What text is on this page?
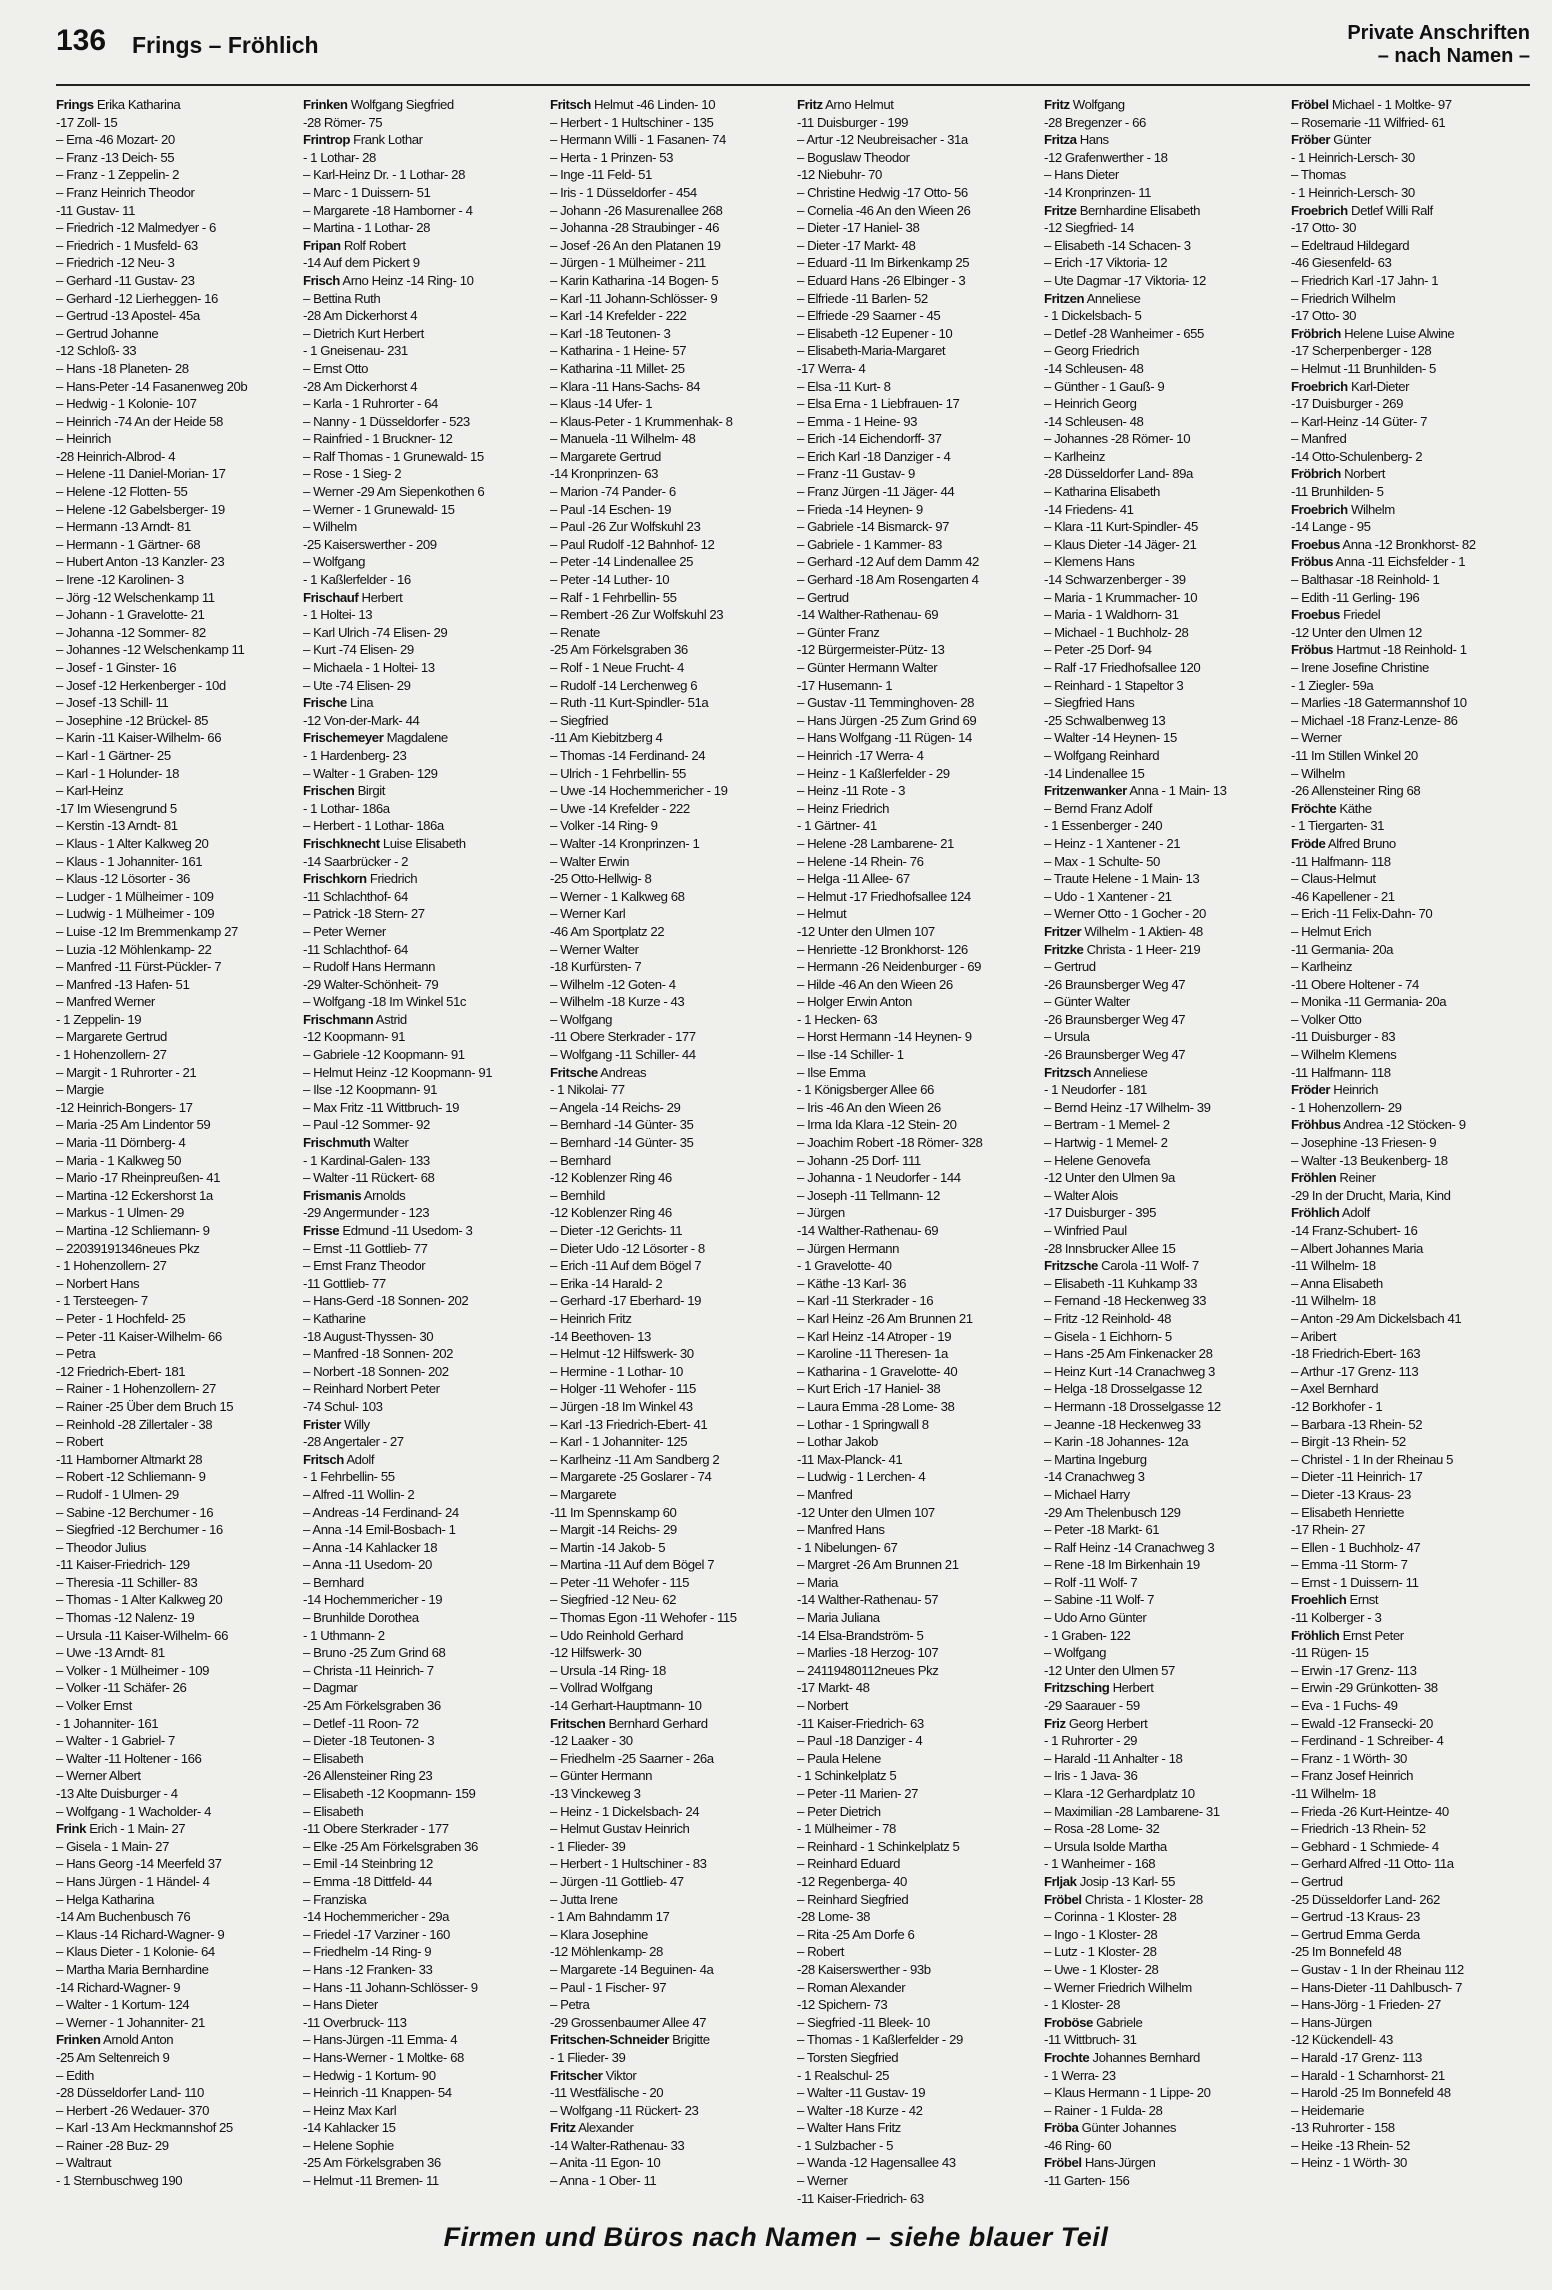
136 Frings – Fröhlich	Private Anschriften
– nach Namen –
Frings Erika Katharina
-17 Zoll- 15
– Erna -46 Mozart- 20
– Franz -13 Deich- 55
– Franz - 1 Zeppelin- 2
– Franz Heinrich Theodor
-11 Gustav- 11
– Friedrich -12 Malmedyer - 6
– Friedrich - 1 Musfeld- 63
– Friedrich -12 Neu- 3
– Gerhard -11 Gustav- 23
– Gerhard -12 Lierheggen- 16
– Gertrud -13 Apostel- 45a
– Gertrud Johanne
-12 Schloß- 33
– Hans -18 Planeten- 28
– Hans-Peter -14 Fasanenweg 20b
– Hedwig - 1 Kolonie- 107
– Heinrich -74 An der Heide 58
– Heinrich
-28 Heinrich-Albrod- 4
– Helene -11 Daniel-Morian- 17
– Helene -12 Flotten- 55
– Helene -12 Gabelsberger- 19
– Hermann -13 Arndt- 81
– Hermann - 1 Gärtner- 68
– Hubert Anton -13 Kanzler- 23
– Irene -12 Karolinen- 3
– Jörg -12 Welschenkamp 11
– Johann - 1 Gravelotte- 21
– Johanna -12 Sommer- 82
– Johannes -12 Welschenkamp 11
– Josef - 1 Ginster- 16
– Josef -12 Herkenberger - 10d
– Josef -13 Schill- 11
– Josephine -12 Brückel- 85
– Karin -11 Kaiser-Wilhelm- 66
– Karl - 1 Gärtner- 25
– Karl - 1 Holunder- 18
– Karl-Heinz
-17 Im Wiesengrund 5
– Kerstin -13 Arndt- 81
– Klaus - 1 Alter Kalkweg 20
– Klaus - 1 Johanniter- 161
– Klaus -12 Lösorter - 36
– Ludger - 1 Mülheimer - 109
– Ludwig - 1 Mülheimer - 109
– Luise -12 Im Bremmenkamp 27
– Luzia -12 Möhlenkamp- 22
– Manfred -11 Fürst-Pückler- 7
– Manfred -13 Hafen- 51
– Manfred Werner
- 1 Zeppelin- 19
– Margarete Gertrud
- 1 Hohenzollern- 27
– Margit - 1 Ruhrorter - 21
– Margie
-12 Heinrich-Bongers- 17
– Maria -25 Am Lindentor 59
– Maria -11 Dörnberg- 4
– Maria - 1 Kalkweg 50
– Mario -17 Rheinpreußen- 41
– Martina -12 Eckershorst 1a
– Markus - 1 Ulmen- 29
– Martina -12 Schliemann- 9
– 22039191346neues Pkz
- 1 Hohenzollern- 27
– Norbert Hans
- 1 Tersteegen- 7
– Peter - 1 Hochfeld- 25
– Peter -11 Kaiser-Wilhelm- 66
– Petra
-12 Friedrich-Ebert- 181
– Rainer - 1 Hohenzollern- 27
– Rainer -25 Über dem Bruch 15
– Reinhold -28 Zillertaler - 38
– Robert
-11 Hamborner Altmarkt 28
– Robert -12 Schliemann- 9
– Rudolf - 1 Ulmen- 29
– Sabine -12 Berchumer - 16
– Siegfried -12 Berchumer - 16
– Theodor Julius
-11 Kaiser-Friedrich- 129
– Theresia -11 Schiller- 83
– Thomas - 1 Alter Kalkweg 20
– Thomas -12 Nalenz- 19
– Ursula -11 Kaiser-Wilhelm- 66
– Uwe -13 Arndt- 81
– Volker - 1 Mülheimer - 109
– Volker -11 Schäfer- 26
– Volker Ernst
- 1 Johanniter- 161
– Walter - 1 Gabriel- 7
– Walter -11 Holtener - 166
– Werner Albert
-13 Alte Duisburger - 4
– Wolfgang - 1 Wacholder- 4
Frink Erich - 1 Main- 27
– Gisela - 1 Main- 27
– Hans Georg -14 Meerfeld 37
– Hans Jürgen - 1 Händel- 4
– Helga Katharina
-14 Am Buchenbusch 76
– Klaus -14 Richard-Wagner- 9
– Klaus Dieter - 1 Kolonie- 64
– Martha Maria Bernhardine
-14 Richard-Wagner- 9
– Walter - 1 Kortum- 124
– Werner - 1 Johanniter- 21
Frinken Arnold Anton
-25 Am Seltenreich 9
– Edith
-28 Düsseldorfer Land- 110
– Herbert -26 Wedauer- 370
– Karl -13 Am Heckmannshof 25
– Rainer -28 Buz- 29
– Waltraut
- 1 Sternbuschweg 190
Frinken Wolfgang Siegfried
-28 Römer- 75
Frintrop Frank Lothar
- 1 Lothar- 28
– Karl-Heinz Dr. - 1 Lothar- 28
– Marc - 1 Duissern- 51
– Margarete -18 Hamborner - 4
– Martina - 1 Lothar- 28
Fripan Rolf Robert
-14 Auf dem Pickert 9
Frisch Arno Heinz -14 Ring- 10
– Bettina Ruth
-28 Am Dickerhorst 4
– Dietrich Kurt Herbert
- 1 Gneisenau- 231
– Ernst Otto
-28 Am Dickerhorst 4
– Karla - 1 Ruhrorter - 64
– Nanny - 1 Düsseldorfer - 523
– Rainfried - 1 Bruckner- 12
– Ralf Thomas - 1 Grunewald- 15
– Rose - 1 Sieg- 2
– Werner -29 Am Siepenkothen 6
– Werner - 1 Grunewald- 15
– Wilhelm
-25 Kaiserswerther - 209
– Wolfgang
- 1 Kaßlerfelder - 16
Frischauf Herbert
- 1 Holtei- 13
– Karl Ulrich -74 Elisen- 29
– Kurt -74 Elisen- 29
– Michaela - 1 Holtei- 13
– Ute -74 Elisen- 29
Frische Lina
-12 Von-der-Mark- 44
Frischemeyer Magdalene
- 1 Hardenberg- 23
– Walter - 1 Graben- 129
Frischen Birgit
- 1 Lothar- 186a
– Herbert - 1 Lothar- 186a
Frischknecht Luise Elisabeth
-14 Saarbrücker - 2
Frischkorn Friedrich
-11 Schlachthof- 64
– Patrick -18 Stern- 27
– Peter Werner
-11 Schlachthof- 64
– Rudolf Hans Hermann
-29 Walter-Schönheit- 79
– Wolfgang -18 Im Winkel 51c
Frischmann Astrid
-12 Koopmann- 91
– Gabriele -12 Koopmann- 91
– Helmut Heinz -12 Koopmann- 91
– Ilse -12 Koopmann- 91
– Max Fritz -11 Wittbruch- 19
– Paul -12 Sommer- 92
Frischmuth Walter
- 1 Kardinal-Galen- 133
– Walter -11 Rückert- 68
Frismanis Arnolds
-29 Angermunder - 123
Frisse Edmund -11 Usedom- 3
– Ernst -11 Gottlieb- 77
– Ernst Franz Theodor
-11 Gottlieb- 77
– Hans-Gerd -18 Sonnen- 202
– Katharine
-18 August-Thyssen- 30
– Manfred -18 Sonnen- 202
– Norbert -18 Sonnen- 202
– Reinhard Norbert Peter
-74 Schul- 103
Frister Willy
-28 Angertaler - 27
Fritsch Adolf
- 1 Fehrbellin- 55
– Alfred -11 Wollin- 2
– Andreas -14 Ferdinand- 24
– Anna -14 Emil-Bosbach- 1
– Anna -14 Kahlacker 18
– Anna -11 Usedom- 20
– Bernhard
-14 Hochemmericher - 19
– Brunhilde Dorothea
- 1 Uthmann- 2
– Bruno -25 Zum Grind 68
– Christa -11 Heinrich- 7
– Dagmar
-25 Am Förkelsgraben 36
– Detlef -11 Roon- 72
– Dieter -18 Teutonen- 3
– Elisabeth
-26 Allensteiner Ring 23
– Elisabeth -12 Koopmann- 159
– Elisabeth
-11 Obere Sterkrader - 177
– Elke -25 Am Förkelsgraben 36
– Emil -14 Steinbring 12
– Emma -18 Dittfeld- 44
– Franziska
-14 Hochemmericher - 29a
– Friedel -17 Varziner - 160
– Friedhelm -14 Ring- 9
– Hans -12 Franken- 33
– Hans -11 Johann-Schlösser- 9
– Hans Dieter
-11 Overbruck- 113
– Hans-Jürgen -11 Emma- 4
– Hans-Werner - 1 Moltke- 68
– Hedwig - 1 Kortum- 90
– Heinrich -11 Knappen- 54
– Heinz Max Karl
-14 Kahlacker 15
– Helene Sophie
-25 Am Förkelsgraben 36
– Helmut -11 Bremen- 11
Fritsch Helmut -46 Linden- 10
– Herbert - 1 Hultschiner - 135
– Hermann Willi - 1 Fasanen- 74
– Herta - 1 Prinzen- 53
– Inge -11 Feld- 51
– Iris - 1 Düsseldorfer - 454
– Johann -26 Masurenallee 268
– Johanna -28 Straubinger - 46
– Josef -26 An den Platanen 19
– Jürgen - 1 Mülheimer - 211
– Karin Katharina -14 Bogen- 5
– Karl -11 Johann-Schlösser- 9
– Karl -14 Krefelder - 222
– Karl -18 Teutonen- 3
– Katharina - 1 Heine- 57
– Katharina -11 Millet- 25
– Klara -11 Hans-Sachs- 84
– Klaus -14 Ufer- 1
– Klaus-Peter - 1 Krummenhak- 8
– Manuela -11 Wilhelm- 48
– Margarete Gertrud
-14 Kronprinzen- 63
– Marion -74 Pander- 6
– Paul -14 Eschen- 19
– Paul -26 Zur Wolfskuhl 23
– Paul Rudolf -12 Bahnhof- 12
– Peter -14 Lindenallee 25
– Peter -14 Luther- 10
– Ralf - 1 Fehrbellin- 55
– Rembert -26 Zur Wolfskuhl 23
– Renate
-25 Am Förkelsgraben 36
– Rolf - 1 Neue Frucht- 4
– Rudolf -14 Lerchenweg 6
– Ruth -11 Kurt-Spindler- 51a
– Siegfried
-11 Am Kiebitzberg 4
– Thomas -14 Ferdinand- 24
– Ulrich - 1 Fehrbellin- 55
– Uwe -14 Hochemmericher - 19
– Uwe -14 Krefelder - 222
– Volker -14 Ring- 9
– Walter -14 Kronprinzen- 1
– Walter Erwin
-25 Otto-Hellwig- 8
– Werner - 1 Kalkweg 68
– Werner Karl
-46 Am Sportplatz 22
– Werner Walter
-18 Kurfürsten- 7
– Wilhelm -12 Goten- 4
– Wilhelm -18 Kurze - 43
– Wolfgang
-11 Obere Sterkrader - 177
– Wolfgang -11 Schiller- 44
Fritsche Andreas
- 1 Nikolai- 77
– Angela -14 Reichs- 29
– Bernhard -14 Günter- 35
– Bernhard -14 Günter- 35
– Bernhard
-12 Koblenzer Ring 46
– Bernhild
-12 Koblenzer Ring 46
– Dieter -12 Gerichts- 11
– Dieter Udo -12 Lösorter - 8
– Erich -11 Auf dem Bögel 7
– Erika -14 Harald- 2
– Gerhard -17 Eberhard- 19
– Heinrich Fritz
-14 Beethoven- 13
– Helmut -12 Hilfswerk- 30
– Hermine - 1 Lothar- 10
– Holger -11 Wehofer - 115
– Jürgen -18 Im Winkel 43
– Karl -13 Friedrich-Ebert- 41
– Karl - 1 Johanniter- 125
– Karlheinz -11 Am Sandberg 2
– Margarete -25 Goslarer - 74
– Margarete
-11 Im Spennskamp 60
– Margit -14 Reichs- 29
– Martin -14 Jakob- 5
– Martina -11 Auf dem Bögel 7
– Peter -11 Wehofer - 115
– Siegfried -12 Neu- 62
– Thomas Egon -11 Wehofer - 115
– Udo Reinhold Gerhard
-12 Hilfswerk- 30
– Ursula -14 Ring- 18
– Vollrad Wolfgang
-14 Gerhart-Hauptmann- 10
Fritschen Bernhard Gerhard
-12 Laaker - 30
– Friedhelm -25 Saarner - 26a
– Günter Hermann
-13 Vinckeweg 3
– Heinz - 1 Dickelsbach- 24
– Helmut Gustav Heinrich
- 1 Flieder- 39
– Herbert - 1 Hultschiner - 83
– Jürgen -11 Gottlieb- 47
– Jutta Irene
- 1 Am Bahndamm 17
– Klara Josephine
-12 Möhlenkamp- 28
– Margarete -14 Beguinen- 4a
– Paul - 1 Fischer- 97
– Petra
-29 Grossenbaumer Allee 47
Fritschen-Schneider Brigitte
- 1 Flieder- 39
Fritscher Viktor
-11 Westfälische - 20
– Wolfgang -11 Rückert- 23
Fritz Alexander
-14 Walter-Rathenau- 33
– Anita -11 Egon- 10
– Anna - 1 Ober- 11
Fritz Arno Helmut
-11 Duisburger - 199
– Artur -12 Neubreisacher - 31a
– Boguslaw Theodor
-12 Niebuhr- 70
– Christine Hedwig -17 Otto- 56
– Cornelia -46 An den Wieen 26
– Dieter -17 Haniel- 38
– Dieter -17 Markt- 48
– Eduard -11 Im Birkenkamp 25
– Eduard Hans -26 Elbinger - 3
– Elfriede -11 Barlen- 52
– Elfriede -29 Saarner - 45
– Elisabeth -12 Eupener - 10
– Elisabeth-Maria-Margaret
-17 Werra- 4
– Elsa -11 Kurt- 8
– Elsa Erna - 1 Liebfrauen- 17
– Emma - 1 Heine- 93
– Erich -14 Eichendorff- 37
– Erich Karl -18 Danziger - 4
– Franz -11 Gustav- 9
– Franz Jürgen -11 Jäger- 44
– Frieda -14 Heynen- 9
– Gabriele -14 Bismarck- 97
– Gabriele - 1 Kammer- 83
– Gerhard -12 Auf dem Damm 42
– Gerhard -18 Am Rosengarten 4
– Gertrud
-14 Walther-Rathenau- 69
– Günter Franz
-12 Bürgermeister-Pütz- 13
– Günter Hermann Walter
-17 Husemann- 1
– Gustav -11 Temminghoven- 28
– Hans Jürgen -25 Zum Grind 69
– Hans Wolfgang -11 Rügen- 14
– Heinrich -17 Werra- 4
– Heinz - 1 Kaßlerfelder - 29
– Heinz -11 Rote - 3
– Heinz Friedrich
- 1 Gärtner- 41
– Helene -28 Lambarene- 21
– Helene -14 Rhein- 76
– Helga -11 Allee- 67
– Helmut -17 Friedhofsallee 124
– Helmut
-12 Unter den Ulmen 107
– Henriette -12 Bronkhorst- 126
– Hermann -26 Neidenburger - 69
– Hilde -46 An den Wieen 26
– Holger Erwin Anton
- 1 Hecken- 63
– Horst Hermann -14 Heynen- 9
– Ilse -14 Schiller- 1
– Ilse Emma
- 1 Königsberger Allee 66
– Iris -46 An den Wieen 26
– Irma Ida Klara -12 Stein- 20
– Joachim Robert -18 Römer- 328
– Johann -25 Dorf- 111
– Johanna - 1 Neudorfer - 144
– Joseph -11 Tellmann- 12
– Jürgen
-14 Walther-Rathenau- 69
– Jürgen Hermann
- 1 Gravelotte- 40
– Käthe -13 Karl- 36
– Karl -11 Sterkrader - 16
– Karl Heinz -26 Am Brunnen 21
– Karl Heinz -14 Atroper - 19
– Karoline -11 Theresen- 1a
– Katharina - 1 Gravelotte- 40
– Kurt Erich -17 Haniel- 38
– Laura Emma -28 Lome- 38
– Lothar - 1 Springwall 8
– Lothar Jakob
-11 Max-Planck- 41
– Ludwig - 1 Lerchen- 4
– Manfred
-12 Unter den Ulmen 107
– Manfred Hans
- 1 Nibelungen- 67
– Margret -26 Am Brunnen 21
– Maria
-14 Walther-Rathenau- 57
– Maria Juliana
-14 Elsa-Brandström- 5
– Marlies -18 Herzog- 107
– 24119480112neues Pkz
-17 Markt- 48
– Norbert
-11 Kaiser-Friedrich- 63
– Paul -18 Danziger - 4
– Paula Helene
- 1 Schinkelplatz 5
– Peter -11 Marien- 27
– Peter Dietrich
- 1 Mülheimer - 78
– Reinhard - 1 Schinkelplatz 5
– Reinhard Eduard
-12 Regenberga- 40
– Reinhard Siegfried
-28 Lome- 38
– Rita -25 Am Dorfe 6
– Robert
-28 Kaiserswerther - 93b
– Roman Alexander
-12 Spichern- 73
– Siegfried -11 Bleek- 10
– Thomas - 1 Kaßlerfelder - 29
– Torsten Siegfried
- 1 Realschul- 25
– Walter -11 Gustav- 19
– Walter -18 Kurze - 42
– Walter Hans Fritz
- 1 Sulzbacher - 5
– Wanda -12 Hagensallee 43
– Werner
-11 Kaiser-Friedrich- 63
Fritz Wolfgang
-28 Bregenzer - 66
Fritza Hans
-12 Grafenwerther - 18
– Hans Dieter
-14 Kronprinzen- 11
Fritze Bernhardine Elisabeth
-12 Siegfried- 14
– Elisabeth -14 Schacen- 3
– Erich -17 Viktoria- 12
– Ute Dagmar -17 Viktoria- 12
Fritzen Anneliese
- 1 Dickelsbach- 5
– Detlef -28 Wanheimer - 655
– Georg Friedrich
-14 Schleusen- 48
– Günther - 1 Gauß- 9
– Heinrich Georg
-14 Schleusen- 48
– Johannes -28 Römer- 10
– Karlheinz
-28 Düsseldorfer Land- 89a
– Katharina Elisabeth
-14 Friedens- 41
– Klara -11 Kurt-Spindler- 45
– Klaus Dieter -14 Jäger- 21
– Klemens Hans
-14 Schwarzenberger - 39
– Maria - 1 Krummacher- 10
– Maria - 1 Waldhorn- 31
– Michael - 1 Buchholz- 28
– Peter -25 Dorf- 94
– Ralf -17 Friedhofsallee 120
– Reinhard - 1 Stapeltor 3
– Siegfried Hans
-25 Schwalbenweg 13
– Walter -14 Heynen- 15
– Wolfgang Reinhard
-14 Lindenallee 15
Fritzenwanker Anna - 1 Main- 13
– Bernd Franz Adolf
- 1 Essenberger - 240
– Heinz - 1 Xantener - 21
– Max - 1 Schulte- 50
– Traute Helene - 1 Main- 13
– Udo - 1 Xantener - 21
– Werner Otto - 1 Gocher - 20
Fritzer Wilhelm - 1 Aktien- 48
Fritzke Christa - 1 Heer- 219
– Gertrud
-26 Braunsberger Weg 47
– Günter Walter
-26 Braunsberger Weg 47
– Ursula
-26 Braunsberger Weg 47
Fritzsch Anneliese
- 1 Neudorfer - 181
– Bernd Heinz -17 Wilhelm- 39
– Bertram - 1 Memel- 2
– Hartwig - 1 Memel- 2
– Helene Genovefa
-12 Unter den Ulmen 9a
– Walter Alois
-17 Duisburger - 395
– Winfried Paul
-28 Innsbrucker Allee 15
Fritzsche Carola -11 Wolf- 7
– Elisabeth -11 Kuhkamp 33
– Fernand -18 Heckenweg 33
– Fritz -12 Reinhold- 48
– Gisela - 1 Eichhorn- 5
– Hans -25 Am Finkenacker 28
– Heinz Kurt -14 Cranachweg 3
– Helga -18 Drosselgasse 12
– Hermann -18 Drosselgasse 12
– Jeanne -18 Heckenweg 33
– Karin -18 Johannes- 12a
– Martina Ingeburg
-14 Cranachweg 3
– Michael Harry
-29 Am Thelenbusch 129
– Peter -18 Markt- 61
– Ralf Heinz -14 Cranachweg 3
– Rene -18 Im Birkenhain 19
– Rolf -11 Wolf- 7
– Sabine -11 Wolf- 7
– Udo Arno Günter
- 1 Graben- 122
– Wolfgang
-12 Unter den Ulmen 57
Fritzsching Herbert
-29 Saarauer - 59
Friz Georg Herbert
- 1 Ruhrorter - 29
– Harald -11 Anhalter - 18
– Iris - 1 Java- 36
– Klara -12 Gerhardplatz 10
– Maximilian -28 Lambarene- 31
– Rosa -28 Lome- 32
– Ursula Isolde Martha
- 1 Wanheimer - 168
Frljak Josip -13 Karl- 55
Fröbel Christa - 1 Kloster- 28
– Corinna - 1 Kloster- 28
– Ingo - 1 Kloster- 28
– Lutz - 1 Kloster- 28
– Uwe - 1 Kloster- 28
– Werner Friedrich Wilhelm
- 1 Kloster- 28
Froböse Gabriele
-11 Wittbruch- 31
Frochte Johannes Bernhard
- 1 Werra- 23
– Klaus Hermann - 1 Lippe- 20
– Rainer - 1 Fulda- 28
Fröba Günter Johannes
-46 Ring- 60
Fröbel Hans-Jürgen
-11 Garten- 156
Fröbel Michael - 1 Moltke- 97
– Rosemarie -11 Wilfried- 61
Fröber Günter
- 1 Heinrich-Lersch- 30
– Thomas
- 1 Heinrich-Lersch- 30
Froebrich Detlef Willi Ralf
-17 Otto- 30
– Edeltraud Hildegard
-46 Giesenfeld- 63
– Friedrich Karl -17 Jahn- 1
– Friedrich Wilhelm
-17 Otto- 30
Fröbrich Helene Luise Alwine
-17 Scherpenberger - 128
– Helmut -11 Brunhilden- 5
Froebrich Karl-Dieter
-17 Duisburger - 269
– Karl-Heinz -14 Güter- 7
– Manfred
-14 Otto-Schulenberg- 2
Fröbrich Norbert
-11 Brunhilden- 5
Froebrich Wilhelm
-14 Lange - 95
Froebus Anna -12 Bronkhorst- 82
Fröbus Anna -11 Eichsfelder - 1
– Balthasar -18 Reinhold- 1
– Edith -11 Gerling- 196
Froebus Friedel
-12 Unter den Ulmen 12
Fröbus Hartmut -18 Reinhold- 1
– Irene Josefine Christine
- 1 Ziegler- 59a
– Marlies -18 Gatermannshof 10
– Michael -18 Franz-Lenze- 86
– Werner
-11 Im Stillen Winkel 20
– Wilhelm
-26 Allensteiner Ring 68
Fröchte Käthe
- 1 Tiergarten- 31
Fröde Alfred Bruno
-11 Halfmann- 118
– Claus-Helmut
-46 Kapellener - 21
– Erich -11 Felix-Dahn- 70
– Helmut Erich
-11 Germania- 20a
– Karlheinz
-11 Obere Holtener - 74
– Monika -11 Germania- 20a
– Volker Otto
-11 Duisburger - 83
– Wilhelm Klemens
-11 Halfmann- 118
Fröder Heinrich
- 1 Hohenzollern- 29
Fröhbus Andrea -12 Stöcken- 9
– Josephine -13 Friesen- 9
– Walter -13 Beukenberg- 18
Fröhlen Reiner
-29 In der Drucht, Maria, Kind
Fröhlich Adolf
-14 Franz-Schubert- 16
– Albert Johannes Maria
-11 Wilhelm- 18
– Anna Elisabeth
-11 Wilhelm- 18
– Anton -29 Am Dickelsbach 41
– Aribert
-18 Friedrich-Ebert- 163
– Arthur -17 Grenz- 113
– Axel Bernhard
-12 Borkhofer - 1
– Barbara -13 Rhein- 52
– Birgit -13 Rhein- 52
– Christel - 1 In der Rheinau 5
– Dieter -11 Heinrich- 17
– Dieter -13 Kraus- 23
– Elisabeth Henriette
-17 Rhein- 27
– Ellen - 1 Buchholz- 47
– Emma -11 Storm- 7
– Ernst - 1 Duissern- 11
Froehlich Ernst
-11 Kolberger - 3
Fröhlich Ernst Peter
-11 Rügen- 15
– Erwin -17 Grenz- 113
– Erwin -29 Grünkotten- 38
– Eva - 1 Fuchs- 49
– Ewald -12 Fransecki- 20
– Ferdinand - 1 Schreiber- 4
– Franz - 1 Wörth- 30
– Franz Josef Heinrich
-11 Wilhelm- 18
– Frieda -26 Kurt-Heintze- 40
– Friedrich -13 Rhein- 52
– Gebhard - 1 Schmiede- 4
– Gerhard Alfred -11 Otto- 11a
– Gertrud
-25 Düsseldorfer Land- 262
– Gertrud -13 Kraus- 23
– Gertrud Emma Gerda
-25 Im Bonnefeld 48
– Gustav - 1 In der Rheinau 112
– Hans-Dieter -11 Dahlbusch- 7
– Hans-Jörg - 1 Frieden- 27
– Hans-Jürgen
-12 Kückendell- 43
– Harald -17 Grenz- 113
– Harald - 1 Scharnhorst- 21
– Harold -25 Im Bonnefeld 48
– Heidemarie
-13 Ruhrorter - 158
– Heike -13 Rhein- 52
– Heinz - 1 Wörth- 30
Firmen und Büros nach Namen – siehe blauer Teil
